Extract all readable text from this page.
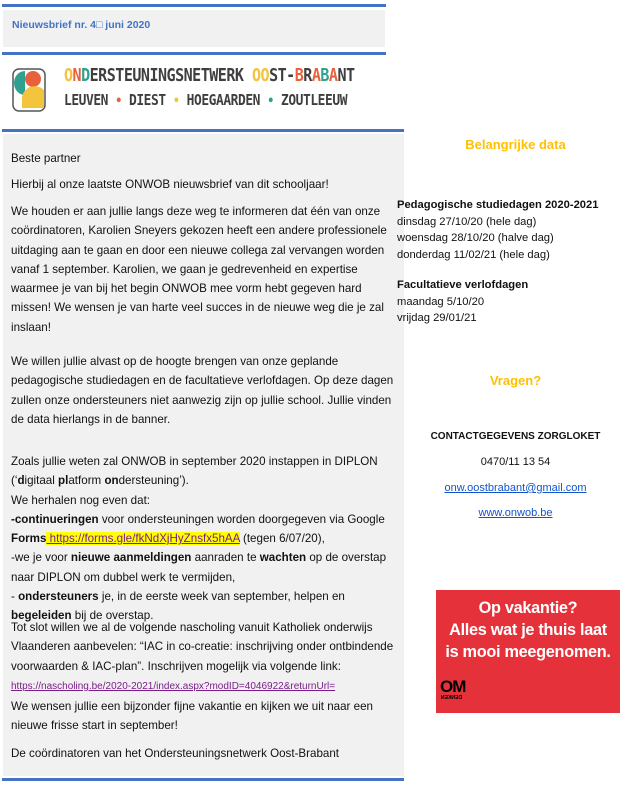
Nieuwsbrief nr. 4□ juni 2020
ONDERSTEUNINGSNETWERK OOST-BRABANT
LEUVEN • DIEST • HOEGAARDEN • ZOUTLEEUW

Beste partner

Hierbij al onze laatste ONWOB nieuwsbrief van dit schooljaar!

We houden er aan jullie langs deze weg te informeren dat één van onze coördinatoren, Karolien Sneyers gekozen heeft een andere professionele uitdaging aan te gaan en door een nieuwe collega zal vervangen worden vanaf 1 september. Karolien, we gaan je gedrevenheid en expertise waarmee je van bij het begin ONWOB mee vorm hebt gegeven hard missen! We wensen je van harte veel succes in de nieuwe weg die je zal inslaan!

We willen jullie alvast op de hoogte brengen van onze geplande pedagogische studiedagen en de facultatieve verlofdagen. Op deze dagen zullen onze ondersteuners niet aanwezig zijn op jullie school. Jullie vinden de data hierlangs in de banner.

Zoals jullie weten zal ONWOB in september 2020 instappen in DIPLON
(‘digitaal platform ondersteuning’).
We herhalen nog even dat:
-continueringen voor ondersteuningen worden doorgegeven via Google Forms https://forms.gle/fkNdXjHyZnsfx5hAA (tegen 6/07/20),
-we je voor nieuwe aanmeldingen aanraden te wachten op de overstap naar DIPLON om dubbel werk te vermijden,
- ondersteuners je, in de eerste week van september, helpen en begeleiden bij de overstap.

Tot slot willen we al de volgende nascholing vanuit Katholiek onderwijs Vlaanderen aanbevelen: “IAC in co-creatie: inschrijving onder ontbindende voorwaarden & IAC-plan”. Inschrijven mogelijk via volgende link:
https://nascholing.be/2020-2021/index.aspx?modID=4046922&returnUrl=

We wensen jullie een bijzonder fijne vakantie en kijken we uit naar een nieuwe frisse start in september!

De coördinatoren van het Ondersteuningsnetwerk Oost-Brabant

Belangrijke data
Pedagogische studiedagen 2020-2021
dinsdag 27/10/20 (hele dag)
woensdag 28/10/20 (halve dag)
donderdag 11/02/21 (hele dag)
Facultatieve verlofdagen
maandag 5/10/20
vrijdag 29/01/21
Vragen?
CONTACTGEGEVENS ZORGLOKET
0470/11 13 54
onw.oostbrabant@gmail.com
www.onwob.be
Op vakantie?
Alles wat je thuis laat
is mooi meegenomen.
OM
DENKEN
